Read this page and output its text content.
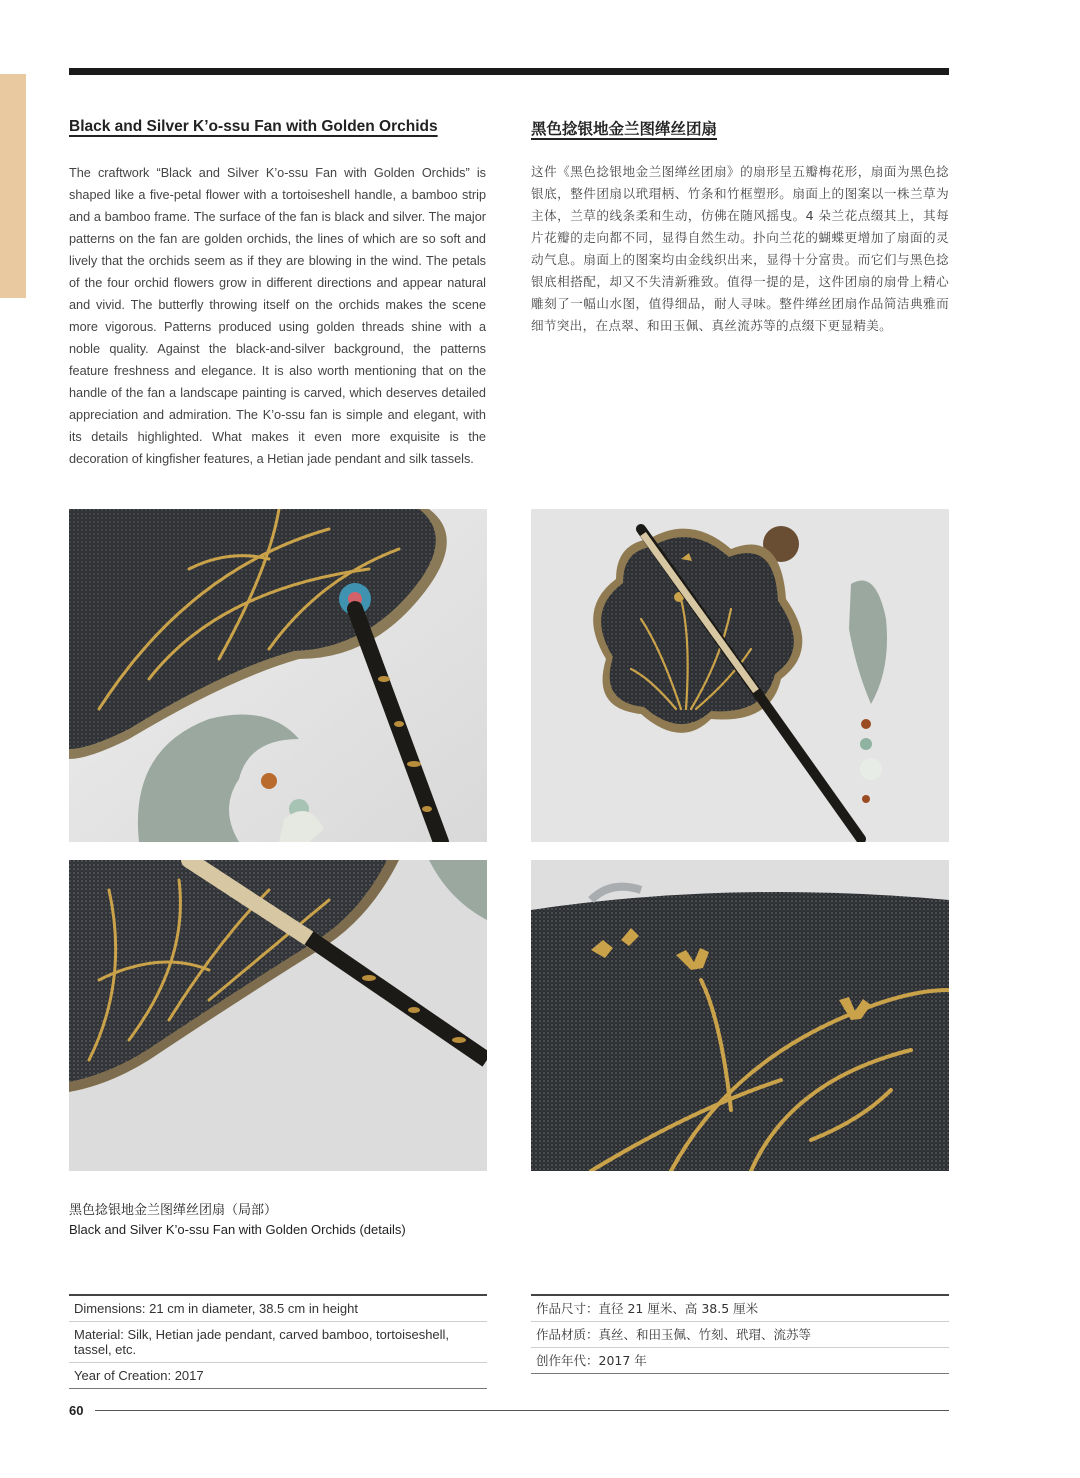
Black and Silver K’o-ssu Fan with Golden Orchids	黑色捻银地金兰图缂丝团扇

The craftwork “Black and Silver K’o-ssu Fan with Golden Orchids” is shaped like a five-petal flower with a tortoiseshell handle, a bamboo strip and a bamboo frame. The surface of the fan is black and silver. The major patterns on the fan are golden orchids, the lines of which are so soft and lively that the orchids seem as if they are blowing in the wind. The petals of the four orchid flowers grow in different directions and appear natural and vivid. The butterfly throwing itself on the orchids makes the scene more vigorous. Patterns produced using golden threads shine with a noble quality. Against the black-and-silver background, the patterns feature freshness and elegance. It is also worth mentioning that on the handle of the fan a landscape painting is carved, which deserves detailed appreciation and admiration. The K’o-ssu fan is simple and elegant, with its details highlighted. What makes it even more exquisite is the decoration of kingfisher features, a Hetian jade pendant and silk tassels.

这件《黑色捻银地金兰图缂丝团扇》的扇形呈五瓣梅花形，扇面为黑色捻银底，整件团扇以玳瑁柄、竹条和竹框塑形。扇面上的图案以一株兰草为主体，兰草的线条柔和生动，仿佛在随风摇曳。4 朵兰花点缀其上，其每片花瓣的走向都不同，显得自然生动。扑向兰花的蝴蝶更增加了扇面的灵动气息。扇面上的图案均由金线织出来，显得十分富贵。而它们与黑色捻银底相搭配，却又不失清新雅致。值得一提的是，这件团扇的扇骨上精心雕刻了一幅山水图，值得细品，耐人寻味。整件缂丝团扇作品简洁典雅而细节突出，在点翠、和田玉佩、真丝流苏等的点缀下更显精美。

黑色捻银地金兰图缂丝团扇（局部）
Black and Silver K’o-ssu Fan with Golden Orchids (details)
Dimensions: 21 cm in diameter, 38.5 cm in height
Material: Silk, Hetian jade pendant, carved bamboo, tortoiseshell, tassel, etc.
Year of Creation: 2017
作品尺寸：直径 21 厘米、高 38.5 厘米
作品材质：真丝、和田玉佩、竹刻、玳瑁、流苏等
创作年代：2017 年
60
